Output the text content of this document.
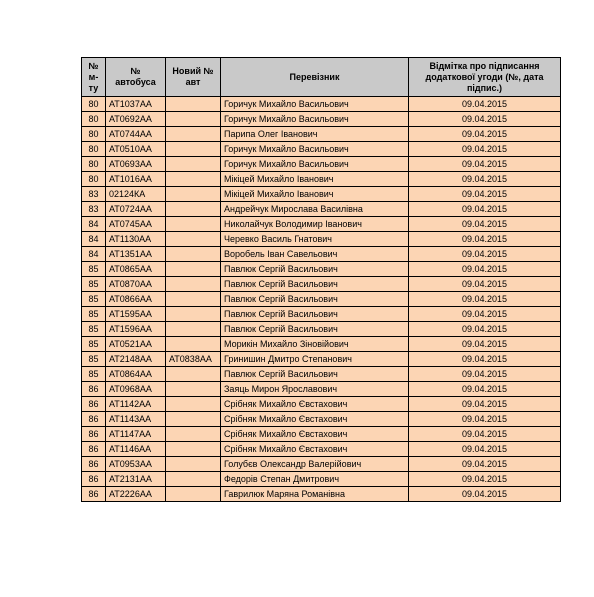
№ м-ту	№ автобуса	Новий № авт	Перевізник	Відмітка про підписання додаткової угоди (№, дата підпис.)
80	АТ1037АА		Горичук Михайло Васильович	09.04.2015
80	АТ0692АА		Горичук Михайло Васильович	09.04.2015
80	АТ0744АА		Парипа Олег Іванович	09.04.2015
80	АТ0510АА		Горичук Михайло Васильович	09.04.2015
80	АТ0693АА		Горичук Михайло Васильович	09.04.2015
80	АТ1016АА		Мікіцей Михайло Іванович	09.04.2015
83	02124КА		Мікіцей Михайло Іванович	09.04.2015
83	АТ0724АА		Андрейчук Мирослава Василівна	09.04.2015
84	АТ0745АА		Николайчук Володимир Іванович	09.04.2015
84	АТ1130АА		Черевко Василь Гнатович	09.04.2015
84	АТ1351АА		Воробель Іван Савельович	09.04.2015
85	АТ0865АА		Павлюк Сергій Васильович	09.04.2015
85	АТ0870АА		Павлюк Сергій Васильович	09.04.2015
85	АТ0866АА		Павлюк Сергій Васильович	09.04.2015
85	АТ1595АА		Павлюк Сергій Васильович	09.04.2015
85	АТ1596АА		Павлюк Сергій Васильович	09.04.2015
85	АТ0521АА		Морикін Михайло Зіновійович	09.04.2015
85	АТ2148АА	АТ0838АА	Гринишин Дмитро Степанович	09.04.2015
85	АТ0864АА		Павлюк Сергій Васильович	09.04.2015
86	АТ0968АА		Заяць Мирон Ярославович	09.04.2015
86	АТ1142АА		Срібняк Михайло Євстахович	09.04.2015
86	АТ1143АА		Срібняк Михайло Євстахович	09.04.2015
86	АТ1147АА		Срібняк Михайло Євстахович	09.04.2015
86	АТ1146АА		Срібняк Михайло Євстахович	09.04.2015
86	АТ0953АА		Голубєв Олександр Валерійович	09.04.2015
86	АТ2131АА		Федорів Степан Дмитрович	09.04.2015
86	АТ2226АА		Гаврилюк Маряна Романівна	09.04.2015
